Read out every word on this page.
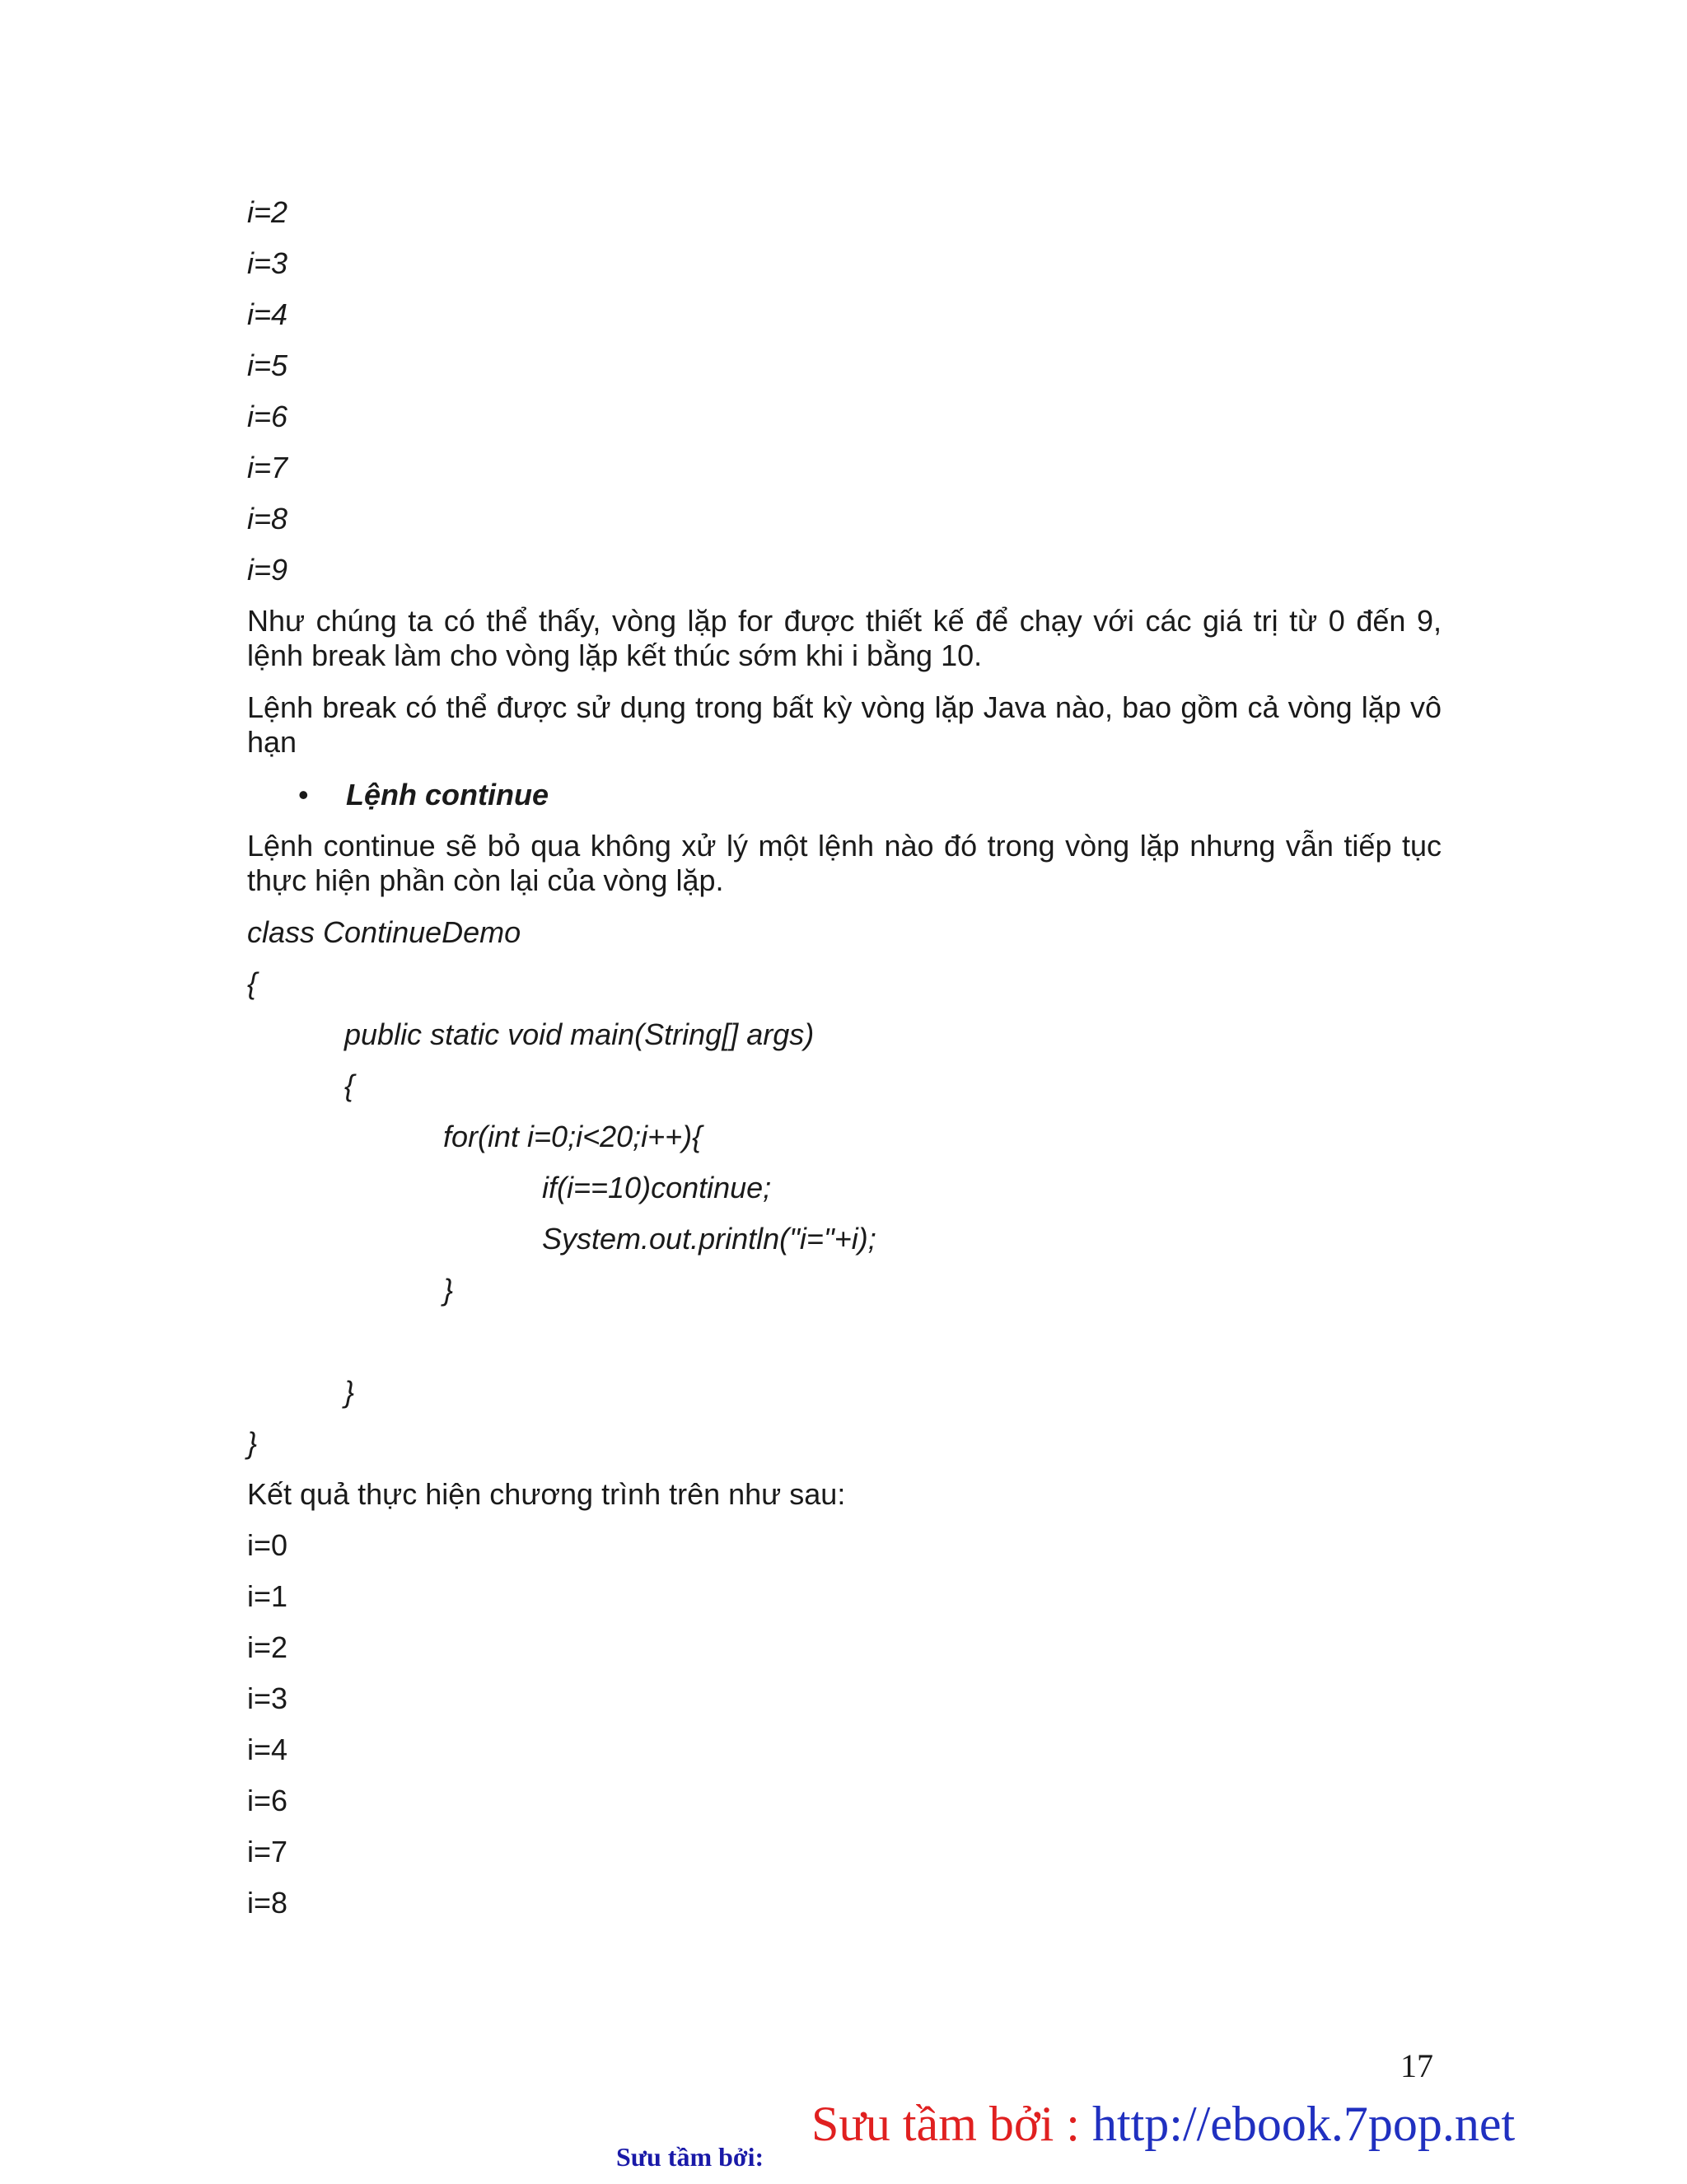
i=2

i=3

i=4

i=5

i=6

i=7

i=8

i=9

Như chúng ta có thể thấy, vòng lặp for được thiết kế để chạy với các giá trị từ 0 đến 9, lệnh break làm cho vòng lặp kết thúc sớm khi i bằng 10.

Lệnh break có thể được sử dụng trong bất kỳ vòng lặp Java nào, bao gồm cả vòng lặp vô hạn

• Lệnh continue

Lệnh continue sẽ bỏ qua không xử lý một lệnh nào đó trong vòng lặp nhưng vẫn tiếp tục thực hiện phần còn lại của vòng lặp.

class ContinueDemo

{

public static void main(String[] args)

{

for(int i=0;i<20;i++){

if(i==10)continue;

System.out.println("i="+i);

}

}

}

Kết quả thực hiện chương trình trên như sau:

i=0

i=1

i=2

i=3

i=4

i=6

i=7

i=8

17
Sưu tầm bởi:
Sưu tầm bởi : http://ebook.7pop.net
